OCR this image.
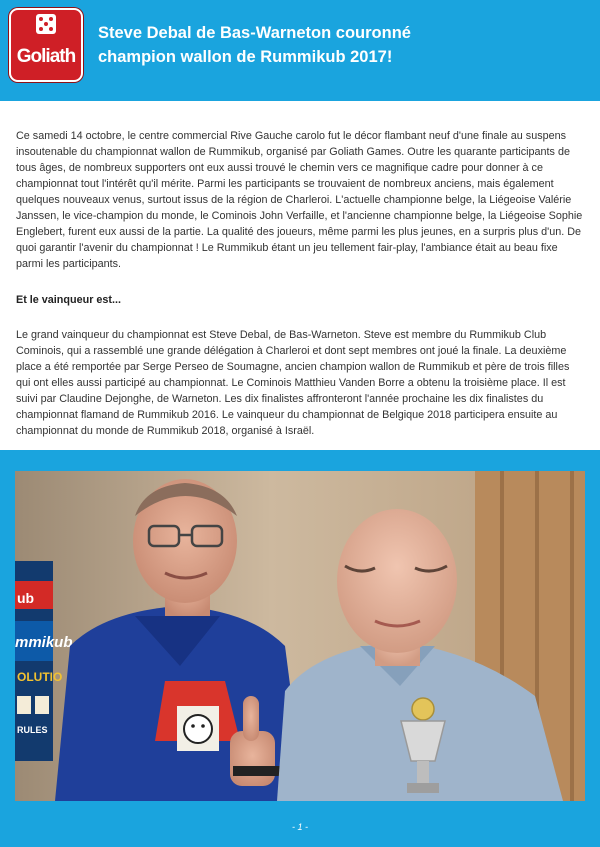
Goliath
Steve Debal de Bas-Warneton couronné
champion wallon de Rummikub 2017!

Ce samedi 14 octobre, le centre commercial Rive Gauche carolo fut le décor flambant neuf d'une finale au suspens insoutenable du championnat wallon de Rummikub, organisé par Goliath Games. Outre les quarante participants de tous âges, de nombreux supporters ont eux aussi trouvé le chemin vers ce magnifique cadre pour donner à ce championnat tout l'intérêt qu'il mérite. Parmi les participants se trouvaient de nombreux anciens, mais également quelques nouveaux venus, surtout issus de la région de Charleroi. L'actuelle championne belge, la Liégeoise Valérie Janssen, le vice-champion du monde, le Cominois John Verfaille, et l'ancienne championne belge, la Liégeoise Sophie Englebert, furent eux aussi de la partie. La qualité des joueurs, même parmi les plus jeunes, en a surpris plus d'un. De quoi garantir l'avenir du championnat ! Le Rummikub étant un jeu tellement fair-play, l'ambiance était au beau fixe parmi les participants.

Et le vainqueur est...

Le grand vainqueur du championnat est Steve Debal, de Bas-Warneton. Steve est membre du Rummikub Club Cominois, qui a rassemblé une grande délégation à Charleroi et dont sept membres ont joué la finale. La deuxième place a été remportée par Serge Perseo de Soumagne, ancien champion wallon de Rummikub et père de trois filles qui ont elles aussi participé au championnat. Le Cominois Matthieu Vanden Borre a obtenu la troisième place. Il est suivi par Claudine Dejonghe, de Warneton. Les dix finalistes affronteront l'année prochaine les dix finalistes du championnat flamand de Rummikub 2016. Le vainqueur du championnat de Belgique 2018 participera ensuite au championnat du monde de Rummikub 2018, organisé à Israël.

ub
mmikub
OLUTIO
RULES
- 1 -
